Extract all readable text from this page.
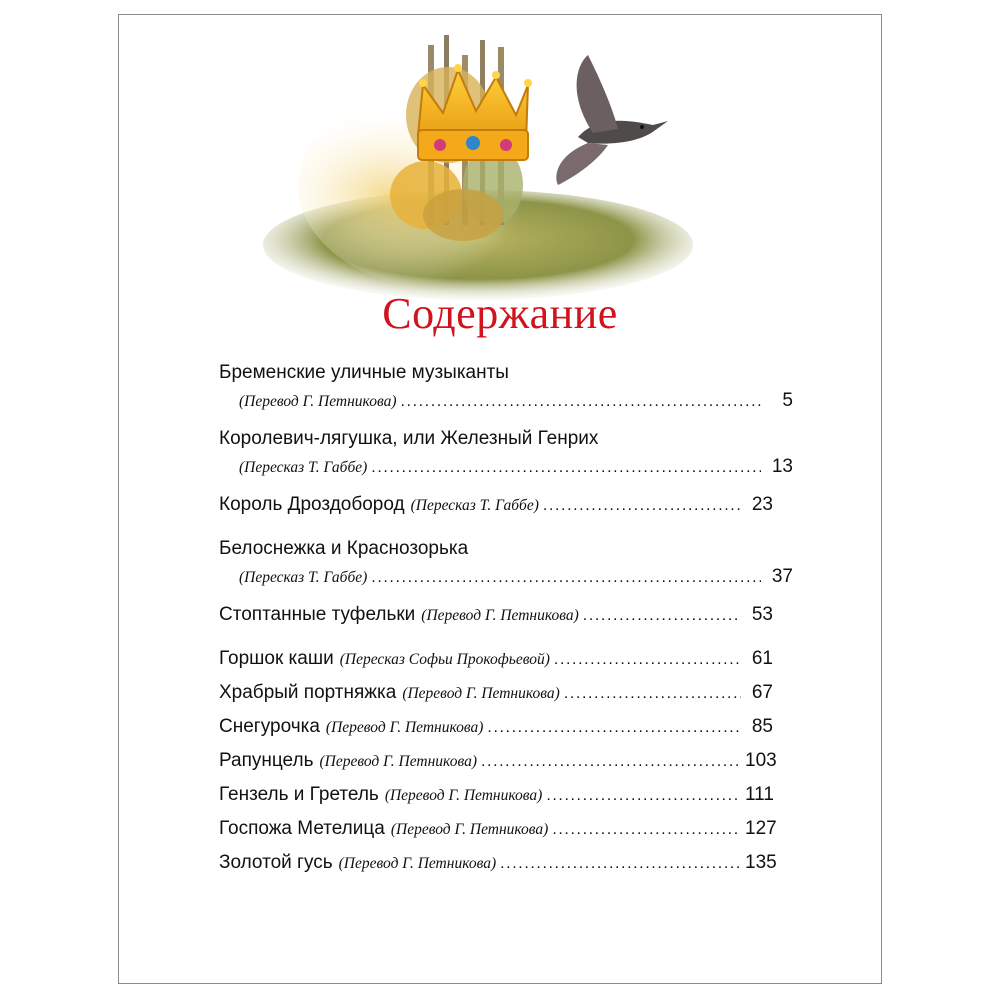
Содержание
Бременские уличные музыканты
(Перевод Г. Петникова) .....	5
Королевич-лягушка, или Железный Генрих
(Пересказ Т. Габбе) .....	13
Король Дроздобород (Пересказ Т. Габбе) .....	23
Белоснежка и Краснозорька
(Пересказ Т. Габбе) .....	37
Стоптанные туфельки (Перевод Г. Петникова) .....	53
Горшок каши (Пересказ Софьи Прокофьевой) .....	61
Храбрый портняжка (Перевод Г. Петникова) .....	67
Снегурочка (Перевод Г. Петникова) .....	85
Рапунцель (Перевод Г. Петникова) .....	103
Гензель и Гретель (Перевод Г. Петникова) .....	111
Госпожа Метелица (Перевод Г. Петникова) .....	127
Золотой гусь (Перевод Г. Петникова) .....	135
